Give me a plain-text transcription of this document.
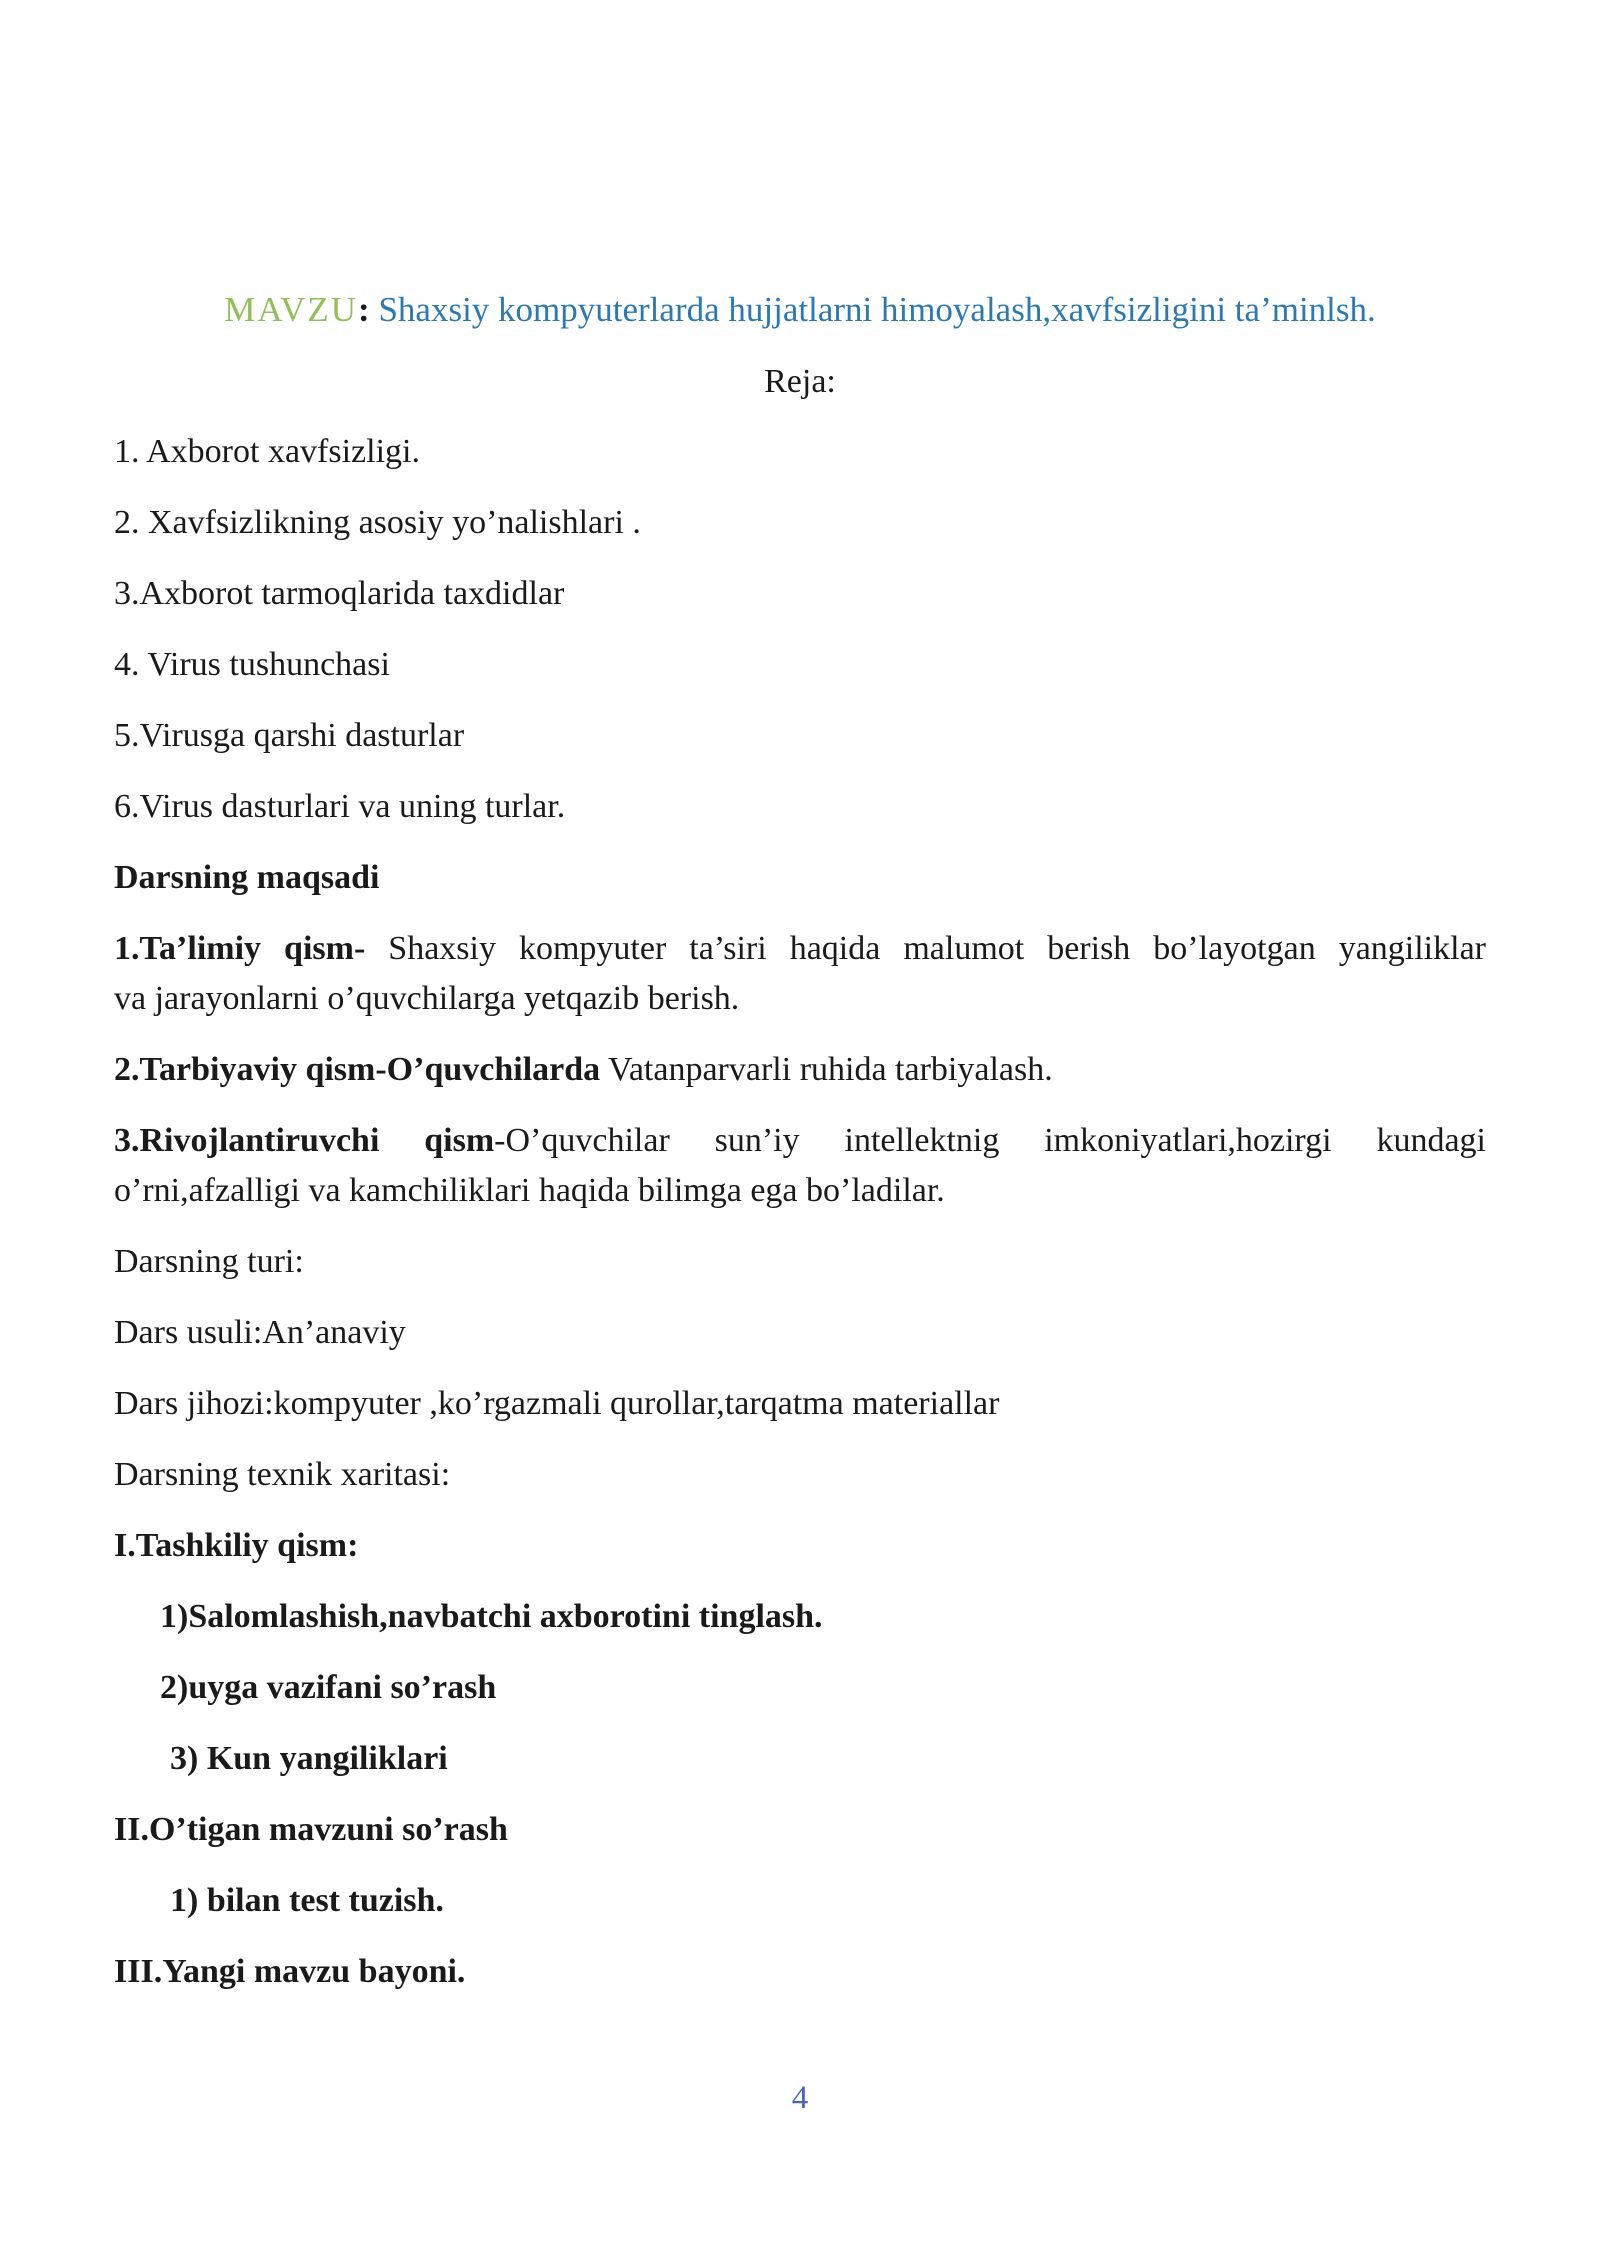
MAVZU: Shaxsiy kompyuterlarda hujjatlarni himoyalash,xavfsizligini ta’minlsh.
Reja:
1. Axborot xavfsizligi.
2. Xavfsizlikning asosiy yo’nalishlari .
3.Axborot tarmoqlarida taxdidlar
4. Virus tushunchasi
5.Virusga qarshi dasturlar
6.Virus dasturlari va uning turlar.
Darsning maqsadi
1.Ta’limiy qism- Shaxsiy kompyuter ta’siri haqida malumot berish bo’layotgan yangiliklar
va jarayonlarni o’quvchilarga yetqazib berish.
2.Tarbiyaviy qism-O’quvchilarda Vatanparvarli ruhida tarbiyalash.
3.Rivojlantiruvchi qism-O’quvchilar sun’iy intellektnig imkoniyatlari,hozirgi kundagi
o’rni,afzalligi va kamchiliklari haqida bilimga ega bo’ladilar.
Darsning turi:
Dars usuli:An’anaviy
Dars jihozi:kompyuter ,ko’rgazmali qurollar,tarqatma materiallar
Darsning texnik xaritasi:
I.Tashkiliy qism:
1)Salomlashish,navbatchi axborotini tinglash.
2)uyga vazifani so’rash
3) Kun yangiliklari
II.O’tigan mavzuni so’rash
1) bilan test tuzish.
III.Yangi mavzu bayoni.
4
